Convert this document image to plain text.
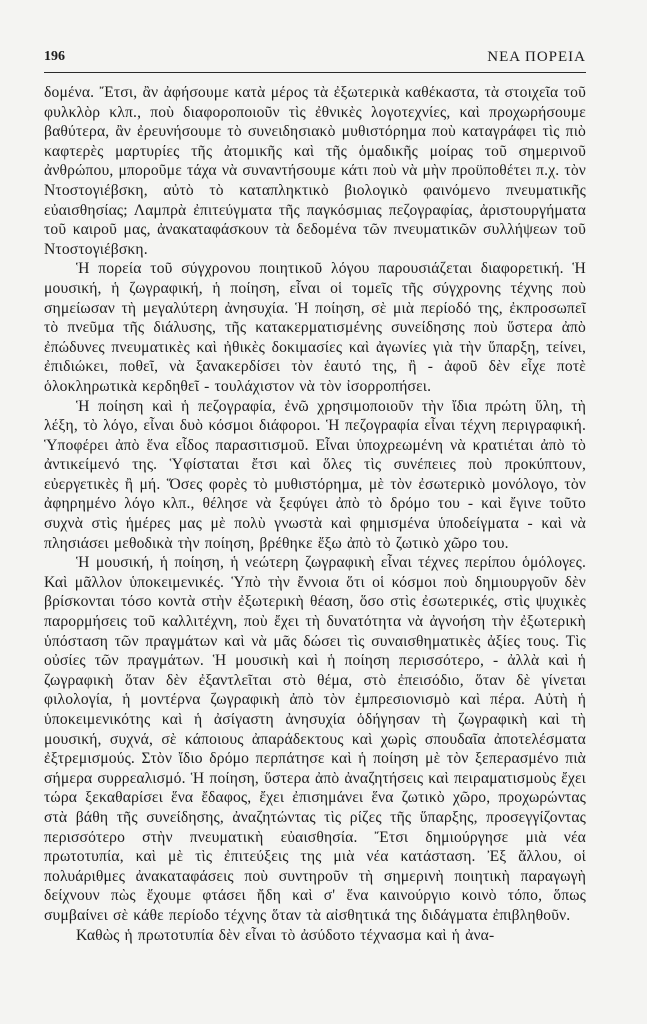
196	ΝΕΑ ΠΟΡΕΙΑ

δομένα. Ἔτσι, ἂν ἀφήσουμε κατὰ μέρος τὰ ἐξωτερικὰ καθέκαστα, τὰ στοιχεῖα τοῦ φυλκλὸρ κλπ., ποὺ διαφοροποιοῦν τὶς ἐθνικὲς λογοτεχνίες, καὶ προχωρήσουμε βαθύτερα, ἂν ἐρευνήσουμε τὸ συνειδησιακὸ μυθιστόρημα ποὺ καταγράφει τὶς πιὸ καφτερὲς μαρτυρίες τῆς ἀτομικῆς καὶ τῆς ὁμαδικῆς μοίρας τοῦ σημερινοῦ ἀνθρώπου, μποροῦμε τάχα νὰ συναντήσουμε κάτι ποὺ νὰ μὴν προϋποθέτει π.χ. τὸν Ντοστογιέβσκη, αὐτὸ τὸ καταπληκτικὸ βιολογικὸ φαινόμενο πνευματικῆς εὐαισθησίας; Λαμπρὰ ἐπιτεύγματα τῆς παγκόσμιας πεζογραφίας, ἀριστουργήματα τοῦ καιροῦ μας, ἀνακαταφάσκουν τὰ δεδομένα τῶν πνευματικῶν συλλήψεων τοῦ Ντοστογιέβσκη.

Ἡ πορεία τοῦ σύγχρονου ποιητικοῦ λόγου παρουσιάζεται διαφορετική. Ἡ μουσική, ἡ ζωγραφική, ἡ ποίηση, εἶναι οἱ τομεῖς τῆς σύγχρονης τέχνης ποὺ σημείωσαν τὴ μεγαλύτερη ἀνησυχία. Ἡ ποίηση, σὲ μιὰ περίοδό της, ἐκπροσωπεῖ τὸ πνεῦμα τῆς διάλυσης, τῆς κατακερματισμένης συνείδησης ποὺ ὕστερα ἀπὸ ἐπώδυνες πνευματικὲς καὶ ἠθικὲς δοκιμασίες καὶ ἀγωνίες γιὰ τὴν ὕπαρξη, τείνει, ἐπιδιώκει, ποθεῖ, νὰ ξανακερδίσει τὸν ἑαυτό της, ἢ - ἀφοῦ δὲν εἶχε ποτὲ ὁλοκληρωτικὰ κερδηθεῖ - τουλάχιστον νὰ τὸν ἰσορροπήσει.

Ἡ ποίηση καὶ ἡ πεζογραφία, ἐνῶ χρησιμοποιοῦν τὴν ἴδια πρώτη ὕλη, τὴ λέξη, τὸ λόγο, εἶναι δυὸ κόσμοι διάφοροι. Ἡ πεζογραφία εἶναι τέχνη περιγραφική. Ὑποφέρει ἀπὸ ἕνα εἶδος παρασιτισμοῦ. Εἶναι ὑποχρεωμένη νὰ κρατιέται ἀπὸ τὸ ἀντικείμενό της. Ὑφίσταται ἔτσι καὶ ὅλες τὶς συνέπειες ποὺ προκύπτουν, εὐεργετικὲς ἢ μή. Ὅσες φορὲς τὸ μυθιστόρημα, μὲ τὸν ἐσωτερικὸ μονόλογο, τὸν ἀφηρημένο λόγο κλπ., θέλησε νὰ ξεφύγει ἀπὸ τὸ δρόμο του - καὶ ἔγινε τοῦτο συχνὰ στὶς ἡμέρες μας μὲ πολὺ γνωστὰ καὶ φημισμένα ὑποδείγματα - καὶ νὰ πλησιάσει μεθοδικὰ τὴν ποίηση, βρέθηκε ἔξω ἀπὸ τὸ ζωτικὸ χῶρο του.

Ἡ μουσική, ἡ ποίηση, ἡ νεώτερη ζωγραφικὴ εἶναι τέχνες περίπου ὁμόλογες. Καὶ μᾶλλον ὑποκειμενικές. Ὑπὸ τὴν ἔννοια ὅτι οἱ κόσμοι ποὺ δημιουργοῦν δὲν βρίσκονται τόσο κοντὰ στὴν ἐξωτερικὴ θέαση, ὅσο στὶς ἐσωτερικές, στὶς ψυχικὲς παρορμήσεις τοῦ καλλιτέχνη, ποὺ ἔχει τὴ δυνατότητα νὰ ἀγνοήση τὴν ἐξωτερικὴ ὑπόσταση τῶν πραγμάτων καὶ νὰ μᾶς δώσει τὶς συναισθηματικὲς ἀξίες τους. Τὶς οὐσίες τῶν πραγμάτων. Ἡ μουσικὴ καὶ ἡ ποίηση περισσότερο, - ἀλλὰ καὶ ἡ ζωγραφικὴ ὅταν δὲν ἐξαντλεῖται στὸ θέμα, στὸ ἐπεισόδιο, ὅταν δὲ γίνεται φιλολογία, ἡ μοντέρνα ζωγραφικὴ ἀπὸ τὸν ἐμπρεσιονισμὸ καὶ πέρα. Αὐτὴ ἡ ὑποκειμενικότης καὶ ἡ ἀσίγαστη ἀνησυχία ὁδήγησαν τὴ ζωγραφικὴ καὶ τὴ μουσική, συχνά, σὲ κάποιους ἀπαράδεκτους καὶ χωρὶς σπουδαῖα ἀποτελέσματα ἐξτρεμισμούς. Στὸν ἴδιο δρόμο περπάτησε καὶ ἡ ποίηση μὲ τὸν ξεπερασμένο πιὰ σήμερα συρρεαλισμό. Ἡ ποίηση, ὕστερα ἀπὸ ἀναζητήσεις καὶ πειραματισμοὺς ἔχει τώρα ξεκαθαρίσει ἕνα ἔδαφος, ἔχει ἐπισημάνει ἕνα ζωτικὸ χῶρο, προχωρώντας στὰ βάθη τῆς συνείδησης, ἀναζητώντας τὶς ρίζες τῆς ὕπαρξης, προσεγγίζοντας περισσότερο στὴν πνευματικὴ εὐαισθησία. Ἔτσι δημιούργησε μιὰ νέα πρωτοτυπία, καὶ μὲ τὶς ἐπιτεύξεις της μιὰ νέα κατάσταση. Ἐξ ἄλλου, οἱ πολυάριθμες ἀνακαταφάσεις ποὺ συντηροῦν τὴ σημερινὴ ποιητικὴ παραγωγὴ δείχνουν πὼς ἔχουμε φτάσει ἤδη καὶ σ' ἕνα καινούργιο κοινὸ τόπο, ὅπως συμβαίνει σὲ κάθε περίοδο τέχνης ὅταν τὰ αἰσθητικά της διδάγματα ἐπιβληθοῦν.

Καθὼς ἡ πρωτοτυπία δὲν εἶναι τὸ ἀσύδοτο τέχνασμα καὶ ἡ ἀνα-
